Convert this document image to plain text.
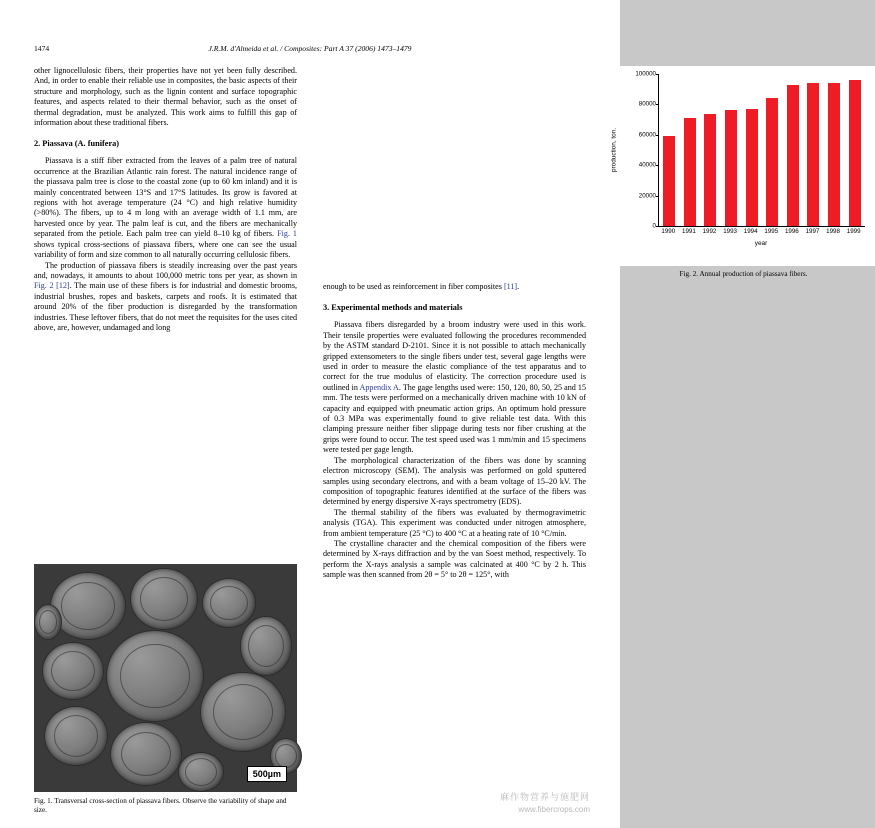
1474	J.R.M. d'Almeida et al. / Composites: Part A 37 (2006) 1473–1479

other lignocellulosic fibers, their properties have not yet been fully described. And, in order to enable their reliable use in composites, the basic aspects of their structure and morphology, such as the lignin content and surface topographic features, and aspects related to their thermal behavior, such as the onset of thermal degradation, must be analyzed. This work aims to fulfill this gap of information about these traditional fibers.

2. Piassava (A. funifera)

Piassava is a stiff fiber extracted from the leaves of a palm tree of natural occurrence at the Brazilian Atlantic rain forest. The natural incidence range of the piassava palm tree is close to the coastal zone (up to 60 km inland) and it is mainly concentrated between 13°S and 17°S latitudes. Its grow is favored at regions with hot average temperature (24 °C) and high relative humidity (>80%). The fibers, up to 4 m long with an average width of 1.1 mm, are harvested once by year. The palm leaf is cut, and the fibers are mechanically separated from the petiole. Each palm tree can yield 8–10 kg of fibers. Fig. 1 shows typical cross-sections of piassava fibers, where one can see the usual variability of form and size common to all naturally occurring cellulosic fibers.

The production of piassava fibers is steadily increasing over the past years and, nowadays, it amounts to about 100,000 metric tons per year, as shown in Fig. 2 [12]. The main use of these fibers is for industrial and domestic brooms, industrial brushes, ropes and baskets, carpets and roofs. It is estimated that around 20% of the fiber production is disregarded by the transformation industries. These leftover fibers, that do not meet the requisites for the uses cited above, are, however, undamaged and long

500µm
Fig. 1. Transversal cross-section of piassava fibers. Observe the variability of shape and size.
production, ton.
0
20000
40000
60000
80000
100000
1990 1991 1992 1993 1994 1995 1996 1997 1998 1999
year
Fig. 2. Annual production of piassava fibers.

enough to be used as reinforcement in fiber composites [11].

3. Experimental methods and materials

Piassava fibers disregarded by a broom industry were used in this work. Their tensile properties were evaluated following the procedures recommended by the ASTM standard D-2101. Since it is not possible to attach mechanically gripped extensometers to the single fibers under test, several gage lengths were used in order to measure the elastic compliance of the test apparatus and to correct for the true modulus of elasticity. The correction procedure used is outlined in Appendix A. The gage lengths used were: 150, 120, 80, 50, 25 and 15 mm. The tests were performed on a mechanically driven machine with 10 kN of capacity and equipped with pneumatic action grips. An optimum hold pressure of 0.3 MPa was experimentally found to give reliable test data. With this clamping pressure neither fiber slippage during tests nor fiber crushing at the grips were found to occur. The test speed used was 1 mm/min and 15 specimens were tested per gage length.

The morphological characterization of the fibers was done by scanning electron microscopy (SEM). The analysis was performed on gold sputtered samples using secondary electrons, and with a beam voltage of 15–20 kV. The composition of topographic features identified at the surface of the fibers was determined by energy dispersive X-rays spectrometry (EDS).

The thermal stability of the fibers was evaluated by thermogravimetric analysis (TGA). This experiment was conducted under nitrogen atmosphere, from ambient temperature (25 °C) to 400 °C at a heating rate of 10 °C/min.

The crystalline character and the chemical composition of the fibers were determined by X-rays diffraction and by the van Soest method, respectively. To perform the X-rays analysis a sample was calcinated at 400 °C by 2 h. This sample was then scanned from 2θ = 5° to 2θ = 125°, with

麻作物营养与施肥网
www.fibercrops.com
